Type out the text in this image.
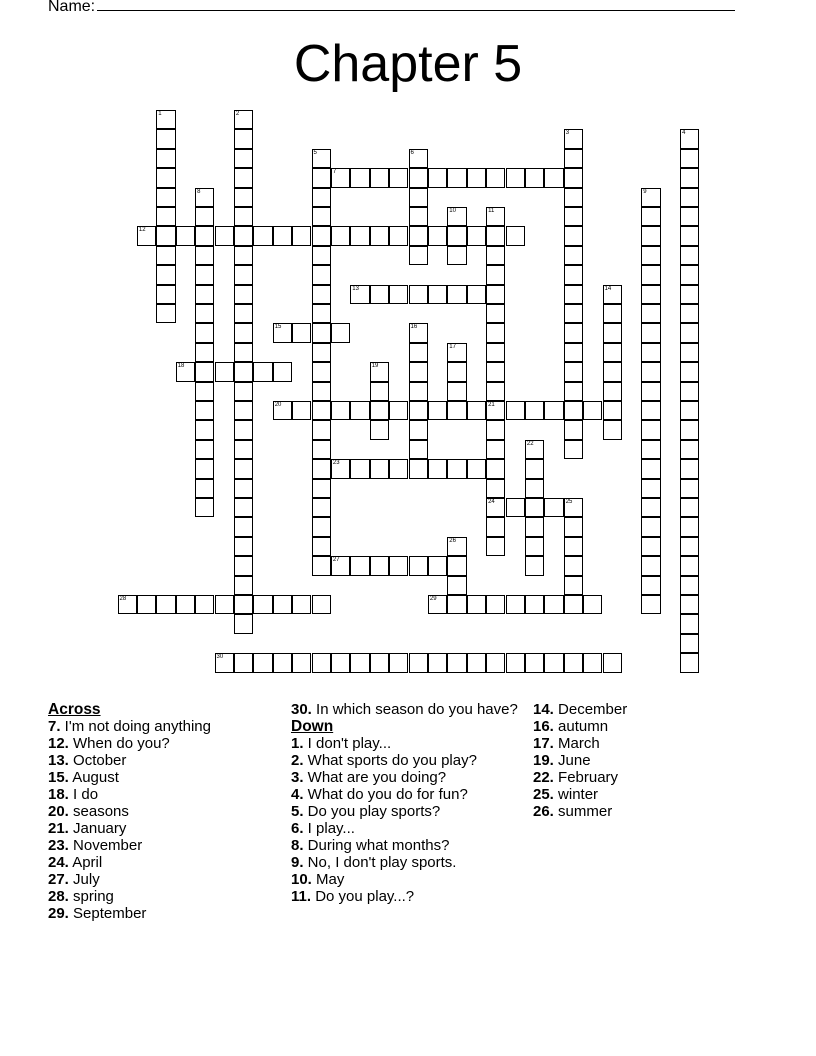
Name:
Chapter 5
7
12
13
15
18
20	21
23
24	25
27
28	29
30
1	2
3	4
5	6
8	9
10	11
14
16
17
19
22
26
Across
7. I'm not doing anything
12. When do you?
13. October
15. August
18. I do
20. seasons
21. January
23. November
24. April
27. July
28. spring
29. September
30. In which season do you have?
Down
1. I don't play...
2. What sports do you play?
3. What are you doing?
4. What do you do for fun?
5. Do you play sports?
6. I play...
8. During what months?
9. No, I don't play sports.
10. May
11. Do you play...?
14. December
16. autumn
17. March
19. June
22. February
25. winter
26. summer
